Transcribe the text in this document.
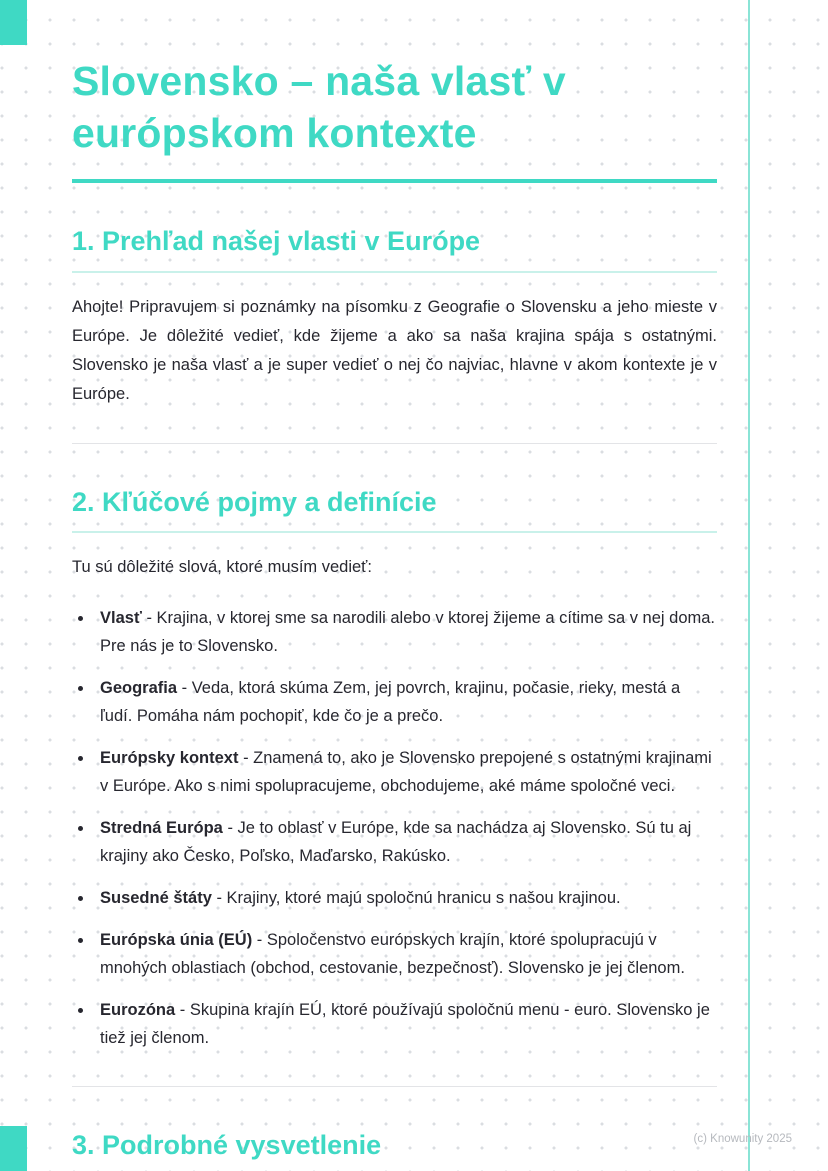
Slovensko – naša vlasť v európskom kontexte
1. Prehľad našej vlasti v Európe

Ahojte! Pripravujem si poznámky na písomku z Geografie o Slovensku a jeho mieste v Európe. Je dôležité vedieť, kde žijeme a ako sa naša krajina spája s ostatnými. Slovensko je naša vlasť a je super vedieť o nej čo najviac, hlavne v akom kontexte je v Európe.

2. Kľúčové pojmy a definície

Tu sú dôležité slová, ktoré musím vedieť:

• Vlasť - Krajina, v ktorej sme sa narodili alebo v ktorej žijeme a cítime sa v nej doma. Pre nás je to Slovensko.
• Geografia - Veda, ktorá skúma Zem, jej povrch, krajinu, počasie, rieky, mestá a ľudí. Pomáha nám pochopiť, kde čo je a prečo.
• Európsky kontext - Znamená to, ako je Slovensko prepojené s ostatnými krajinami v Európe. Ako s nimi spolupracujeme, obchodujeme, aké máme spoločné veci.
• Stredná Európa - Je to oblasť v Európe, kde sa nachádza aj Slovensko. Sú tu aj krajiny ako Česko, Poľsko, Maďarsko, Rakúsko.
• Susedné štáty - Krajiny, ktoré majú spoločnú hranicu s našou krajinou.
• Európska únia (EÚ) - Spoločenstvo európskych krajín, ktoré spolupracujú v mnohých oblastiach (obchod, cestovanie, bezpečnosť). Slovensko je jej členom.
• Eurozóna - Skupina krajín EÚ, ktoré používajú spoločnú menu - euro. Slovensko je tiež jej členom.
3. Podrobné vysvetlenie	(c) Knowunity 2025
